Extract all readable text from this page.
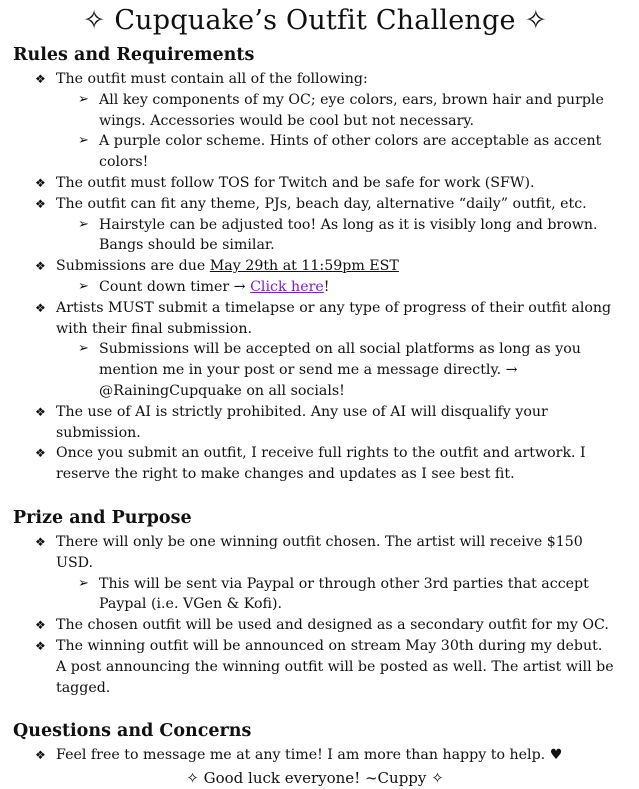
✧ Cupquake’s Outfit Challenge ✧
Rules and Requirements
❖ The outfit must contain all of the following:
➢ All key components of my OC; eye colors, ears, brown hair and purple wings. Accessories would be cool but not necessary.
➢ A purple color scheme. Hints of other colors are acceptable as accent colors!
❖ The outfit must follow TOS for Twitch and be safe for work (SFW).
❖ The outfit can fit any theme, PJs, beach day, alternative “daily” outfit, etc.
➢ Hairstyle can be adjusted too! As long as it is visibly long and brown. Bangs should be similar.
❖ Submissions are due May 29th at 11:59pm EST
➢ Count down timer → Click here!
❖ Artists MUST submit a timelapse or any type of progress of their outfit along with their final submission.
➢ Submissions will be accepted on all social platforms as long as you mention me in your post or send me a message directly. → @RainingCupquake on all socials!
❖ The use of AI is strictly prohibited. Any use of AI will disqualify your submission.
❖ Once you submit an outfit, I receive full rights to the outfit and artwork. I reserve the right to make changes and updates as I see best fit.
Prize and Purpose
❖ There will only be one winning outfit chosen. The artist will receive $150 USD.
➢ This will be sent via Paypal or through other 3rd parties that accept Paypal (i.e. VGen & Kofi).
❖ The chosen outfit will be used and designed as a secondary outfit for my OC.
❖ The winning outfit will be announced on stream May 30th during my debut. A post announcing the winning outfit will be posted as well. The artist will be tagged.
Questions and Concerns
❖ Feel free to message me at any time! I am more than happy to help. ♥
✧ Good luck everyone! ~Cuppy ✧
